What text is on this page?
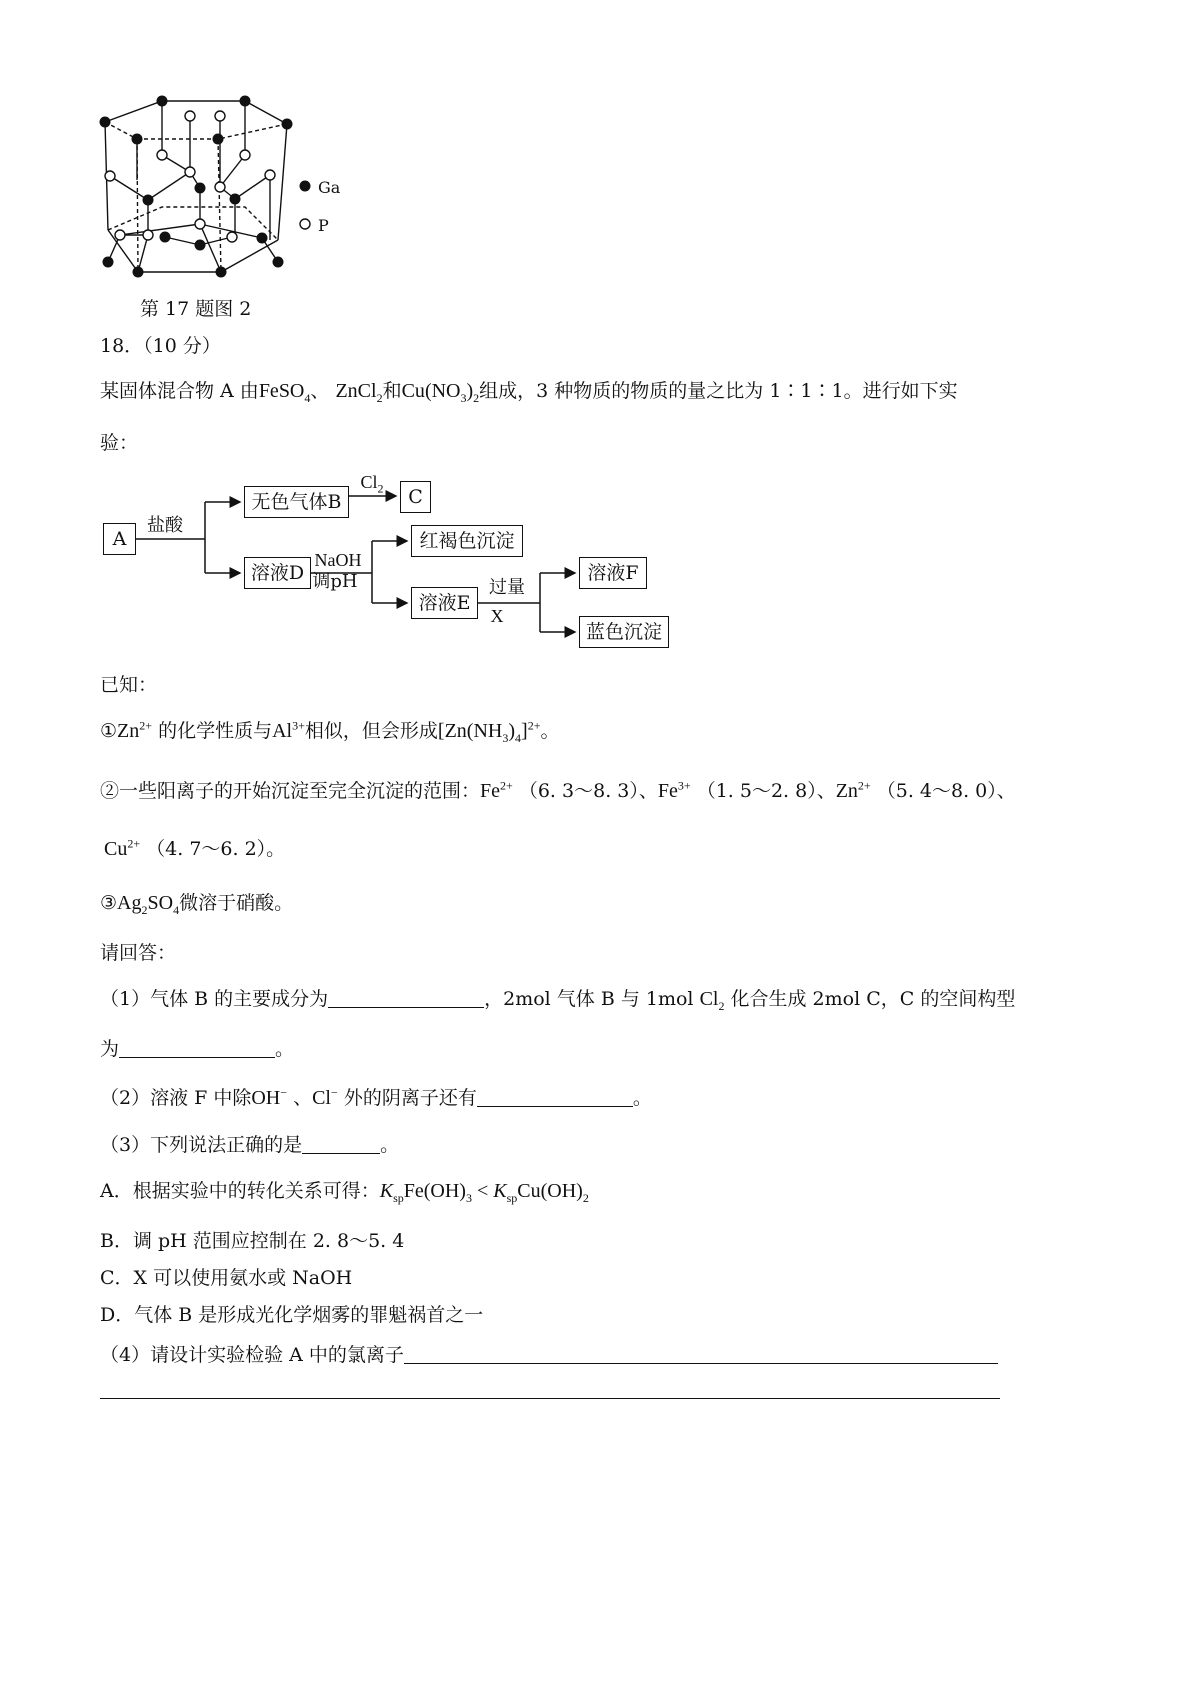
Ga
P
第 17 题图 2
18．（10 分）
某固体混合物 A 由FeSO$_4$、 ZnCl$_2$和$Cu(NO_3)_2$组成，3 种物质的物质的量之比为 1∶1∶1。进行如下实
验：
A
盐酸
无色气体B
$Cl_2$	C
溶液D
NaOH
调pH
红褐色沉淀
溶液E
过量
X
溶液F
蓝色沉淀
已知：
$①Zn^{2+}$ 的化学性质与$Al^{3+}$相似，但会形成$[Zn(NH_3)_4]^{2+}$。
②一些阳离子的开始沉淀至完全沉淀的范围：$Fe^{2+}$ （6. 3～8. 3）、$Fe^{3+}$ （1. 5～2. 8）、$Zn^{2+}$ （5. 4～8. 0）、
$Cu^{2+}$ （4. 7～6. 2）。
$③Ag_2SO_4$微溶于硝酸。
请回答：
（1）气体 B 的主要成分为	，2mol 气体 B 与 1mol $Cl_2$ 化合生成 2mol C，C 的空间构型
为	。
（2）溶液 F 中除OH− 、Cl− 外的阴离子还有	。
（3）下列说法正确的是	。
A．根据实验中的转化关系可得：$K_{sp}Fe(OH)_3 < K_{sp}Cu(OH)_2$
B．调 pH 范围应控制在 2. 8～5. 4
C．X 可以使用氨水或 NaOH
D．气体 B 是形成光化学烟雾的罪魁祸首之一
（4）请设计实验检验 A 中的氯离子
